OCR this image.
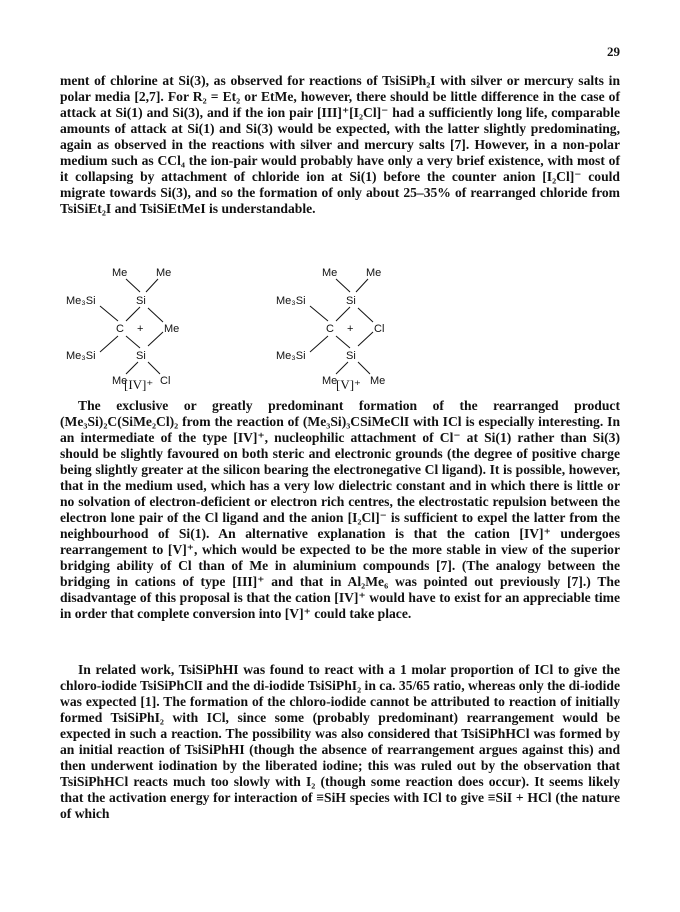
29

ment of chlorine at Si(3), as observed for reactions of TsiSiPh₂I with silver or mercury salts in polar media [2,7]. For R₂ = Et₂ or EtMe, however, there should be little difference in the case of attack at Si(1) and Si(3), and if the ion pair [III]⁺[I₂Cl]⁻ had a sufficiently long life, comparable amounts of attack at Si(1) and Si(3) would be expected, with the latter slightly predominating, again as observed in the reactions with silver and mercury salts [7]. However, in a non-polar medium such as CCl₄ the ion-pair would probably have only a very brief existence, with most of it collapsing by attachment of chloride ion at Si(1) before the counter anion [I₂Cl]⁻ could migrate towards Si(3), and so the formation of only about 25–35% of rearranged chloride from TsiSiEt₂I and TsiSiEtMeI is understandable.

Me	Me
Me₃Si	Si
C + Me
Me₃Si	Si
Me	Cl
[IV]⁺
Me	Me
Me₃Si	Si
C + Cl
Me₃Si	Si
Me	Me
[V]⁺

The exclusive or greatly predominant formation of the rearranged product (Me₃Si)₂C(SiMe₂Cl)₂ from the reaction of (Me₃Si)₃CSiMeClI with ICl is especially interesting. In an intermediate of the type [IV]⁺, nucleophilic attachment of Cl⁻ at Si(1) rather than Si(3) should be slightly favoured on both steric and electronic grounds (the degree of positive charge being slightly greater at the silicon bearing the electronegative Cl ligand). It is possible, however, that in the medium used, which has a very low dielectric constant and in which there is little or no solvation of electron-deficient or electron rich centres, the electrostatic repulsion between the electron lone pair of the Cl ligand and the anion [I₂Cl]⁻ is sufficient to expel the latter from the neighbourhood of Si(1). An alternative explanation is that the cation [IV]⁺ undergoes rearrangement to [V]⁺, which would be expected to be the more stable in view of the superior bridging ability of Cl than of Me in aluminium compounds [7]. (The analogy between the bridging in cations of type [III]⁺ and that in Al₂Me₆ was pointed out previously [7].) The disadvantage of this proposal is that the cation [IV]⁺ would have to exist for an appreciable time in order that complete conversion into [V]⁺ could take place.

In related work, TsiSiPhHI was found to react with a 1 molar proportion of ICl to give the chloro-iodide TsiSiPhClI and the di-iodide TsiSiPhI₂ in ca. 35/65 ratio, whereas only the di-iodide was expected [1]. The formation of the chloro-iodide cannot be attributed to reaction of initially formed TsiSiPhI₂ with ICl, since some (probably predominant) rearrangement would be expected in such a reaction. The possibility was also considered that TsiSiPhHCl was formed by an initial reaction of TsiSiPhHI (though the absence of rearrangement argues against this) and then underwent iodination by the liberated iodine; this was ruled out by the observation that TsiSiPhHCl reacts much too slowly with I₂ (though some reaction does occur). It seems likely that the activation energy for interaction of ≡SiH species with ICl to give ≡SiI + HCl (the nature of which
